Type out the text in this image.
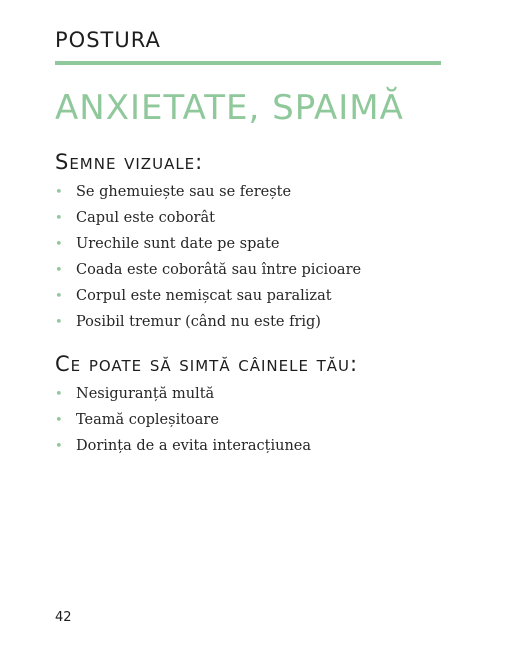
POSTURA
ANXIETATE, SPAIMĂ
Semne vizuale:
• Se ghemuiește sau se ferește
• Capul este coborât
• Urechile sunt date pe spate
• Coada este coborâtă sau între picioare
• Corpul este nemișcat sau paralizat
• Posibil tremur (când nu este frig)
Ce poate să simtă câinele tău:
• Nesiguranță multă
• Teamă copleșitoare
• Dorința de a evita interacțiunea
42
